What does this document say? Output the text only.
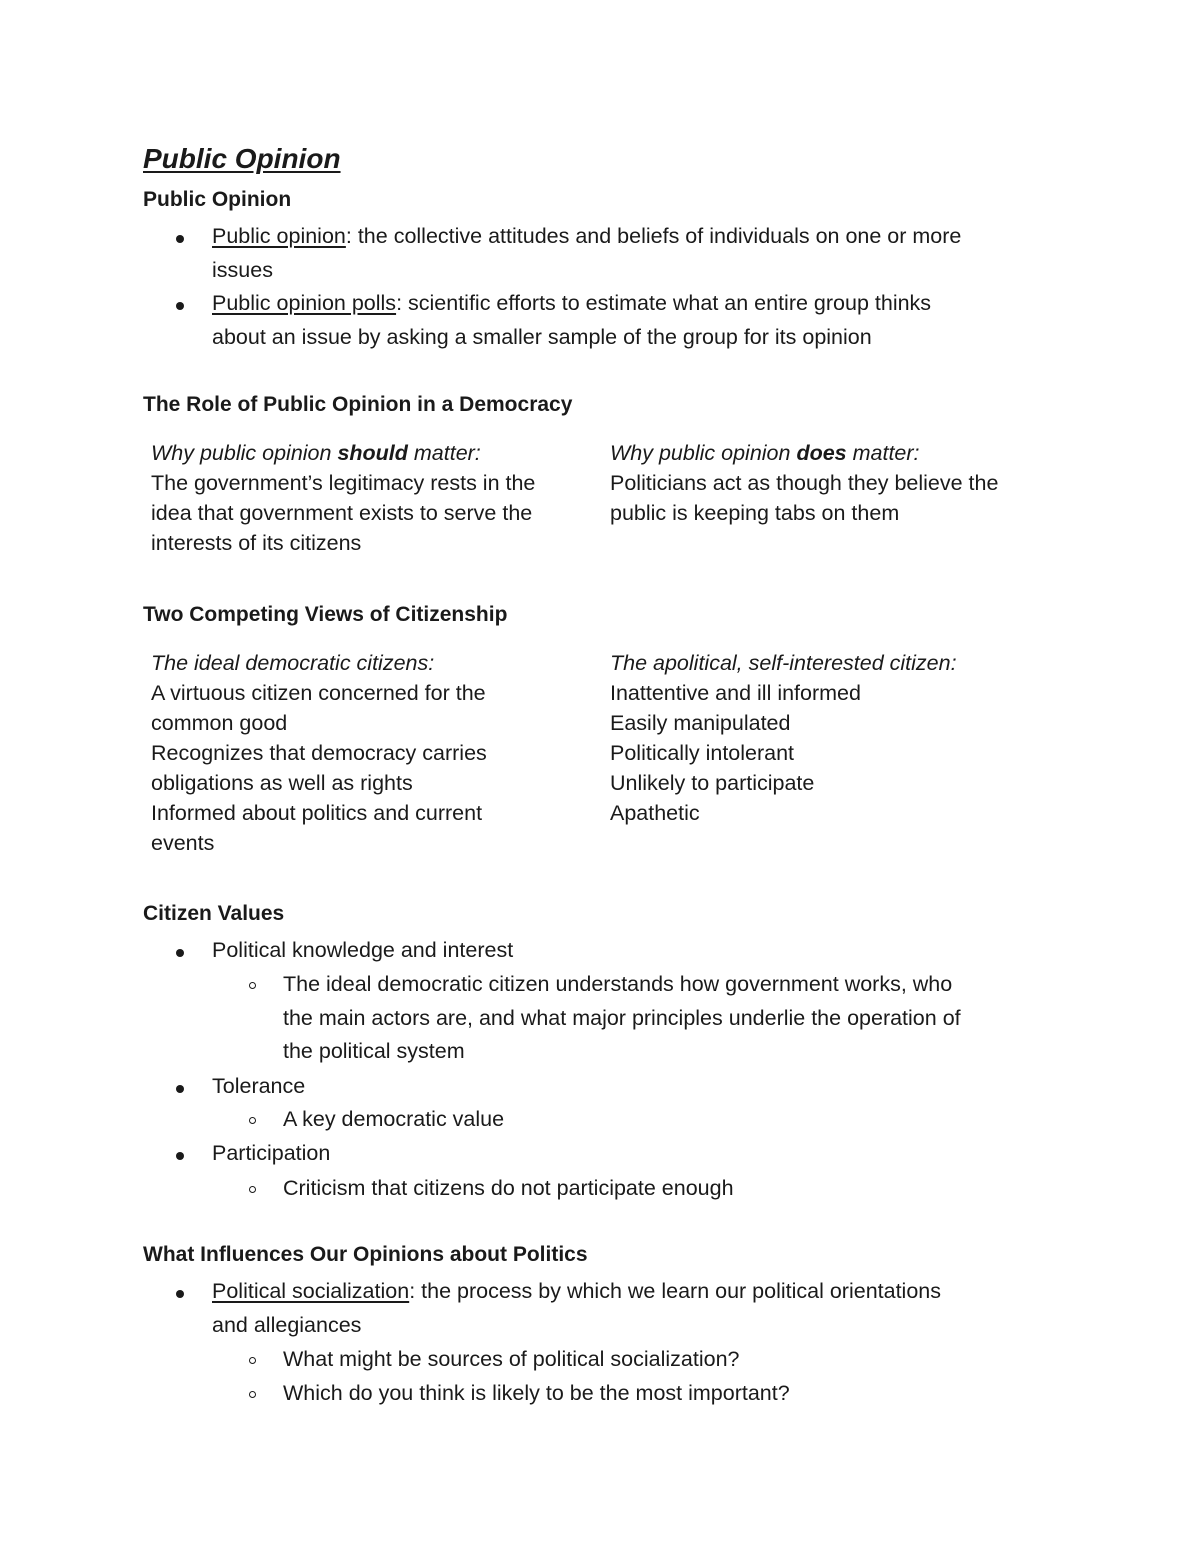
Public Opinion
Public Opinion
Public opinion: the collective attitudes and beliefs of individuals on one or more
issues
Public opinion polls: scientific efforts to estimate what an entire group thinks
about an issue by asking a smaller sample of the group for its opinion
The Role of Public Opinion in a Democracy
Why public opinion should matter:
The government’s legitimacy rests in the
idea that government exists to serve the
interests of its citizens
Why public opinion does matter:
Politicians act as though they believe the
public is keeping tabs on them
Two Competing Views of Citizenship
The ideal democratic citizens:
A virtuous citizen concerned for the
common good
Recognizes that democracy carries
obligations as well as rights
Informed about politics and current
events
The apolitical, self-interested citizen:
Inattentive and ill informed
Easily manipulated
Politically intolerant
Unlikely to participate
Apathetic
Citizen Values
Political knowledge and interest
The ideal democratic citizen understands how government works, who
the main actors are, and what major principles underlie the operation of
the political system
Tolerance
A key democratic value
Participation
Criticism that citizens do not participate enough
What Influences Our Opinions about Politics
Political socialization: the process by which we learn our political orientations
and allegiances
What might be sources of political socialization?
Which do you think is likely to be the most important?
